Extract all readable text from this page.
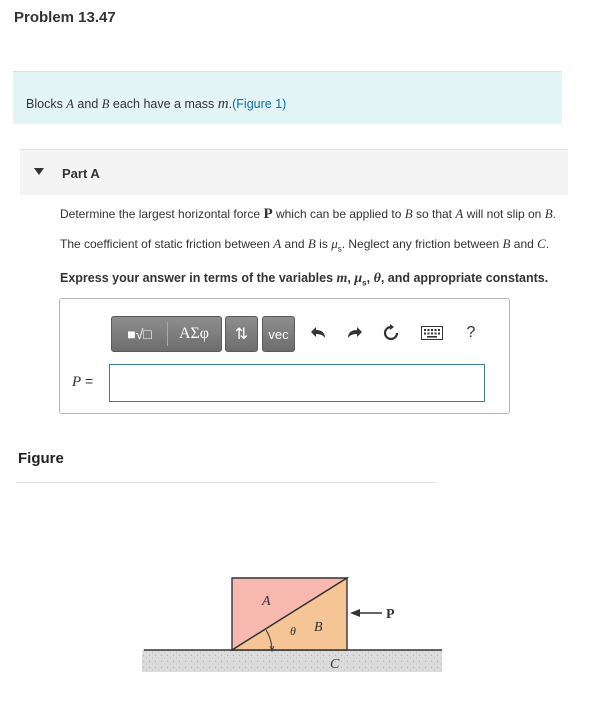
Problem 13.47
Blocks A and B each have a mass m.(Figure 1)
Part A
Determine the largest horizontal force P which can be applied to B so that A will not slip on B.
The coefficient of static friction between A and B is $\mu_s$. Neglect any friction between B and C.
Express your answer in terms of the variables m, $\mu_s$, θ, and appropriate constants.
■√□	ΑΣφ	⇅	vec	?
P =
Figure
A
θ B
C
P
